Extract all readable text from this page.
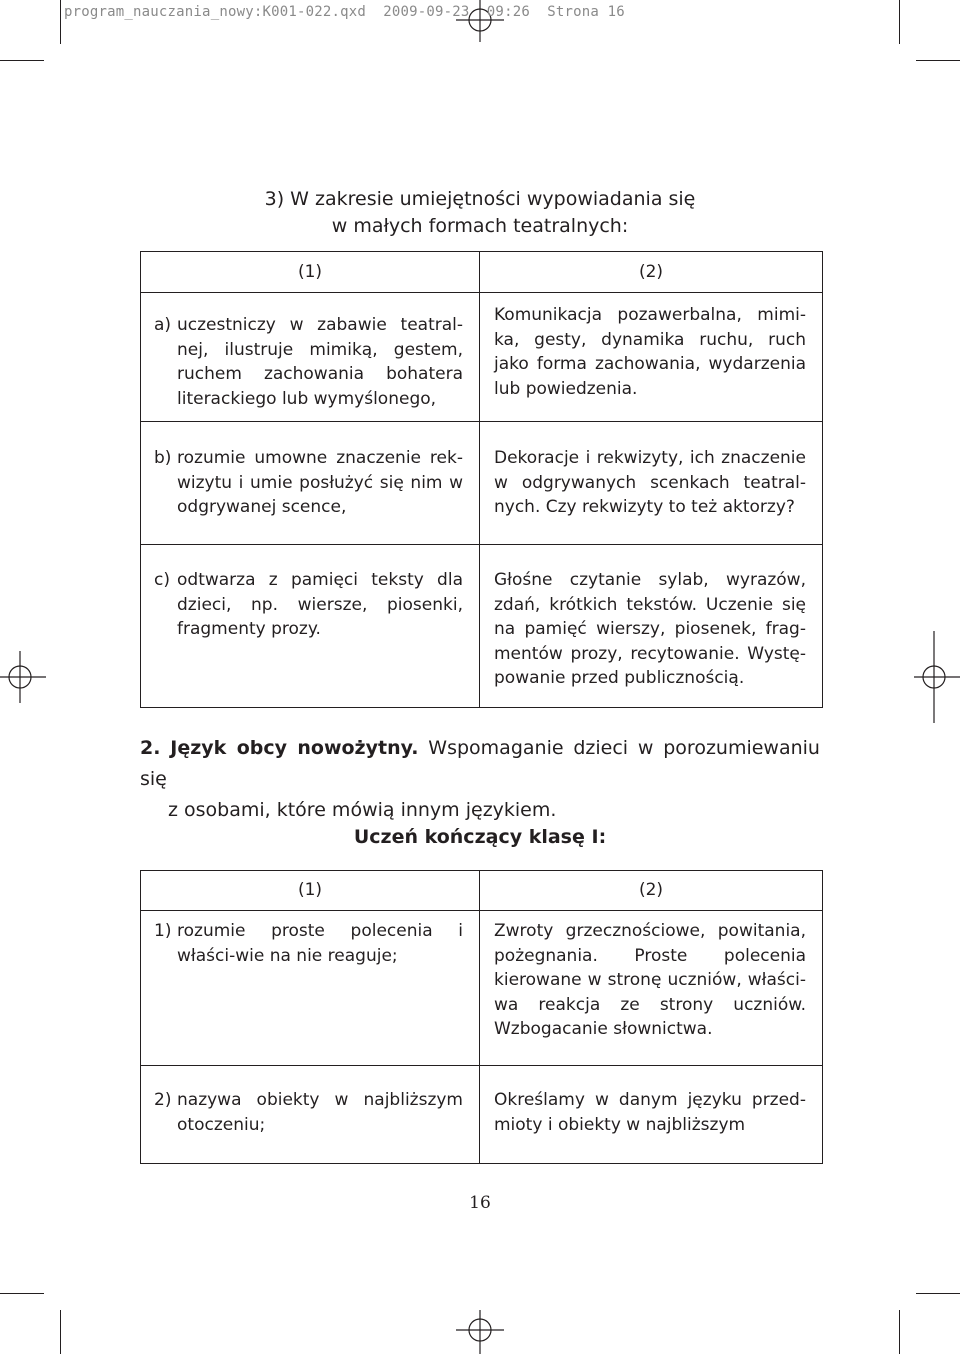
program_nauczania_nowy:K001-022.qxd  2009-09-23  09:26  Strona 16
3) W zakresie umiejętności wypowiadania się
w małych formach teatralnych:
(1)	(2)

a) uczestniczy w zabawie teatral-nej, ilustruje mimiką, gestem, ruchem zachowania bohatera literackiego lub wymyślonego,	Komunikacja pozawerbalna, mimi-ka, gesty, dynamika ruchu, ruch jako forma zachowania, wydarzenia lub powiedzenia.

b) rozumie umowne znaczenie rek-wizytu i umie posłużyć się nim w odgrywanej scence,	Dekoracje i rekwizyty, ich znaczenie w odgrywanych scenkach teatral-nych. Czy rekwizyty to też aktorzy?

c) odtwarza z pamięci teksty dla dzieci, np. wiersze, piosenki, fragmenty prozy.	Głośne czytanie sylab, wyrazów, zdań, krótkich tekstów. Uczenie się na pamięć wierszy, piosenek, frag-mentów prozy, recytowanie. Wystę-powanie przed publicznością.
2. Język obcy nowożytny. Wspomaganie dzieci w porozumiewaniu się
z osobami, które mówią innym językiem.
Uczeń kończący klasę I:
(1)	(2)

1) rozumie proste polecenia i właści-wie na nie reaguje;	Zwroty grzecznościowe, powitania, pożegnania. Proste polecenia kierowane w stronę uczniów, właści-wa reakcja ze strony uczniów. Wzbogacanie słownictwa.

2) nazywa obiekty w najbliższym otoczeniu;	Określamy w danym języku przed-mioty i obiekty w najbliższym
16
